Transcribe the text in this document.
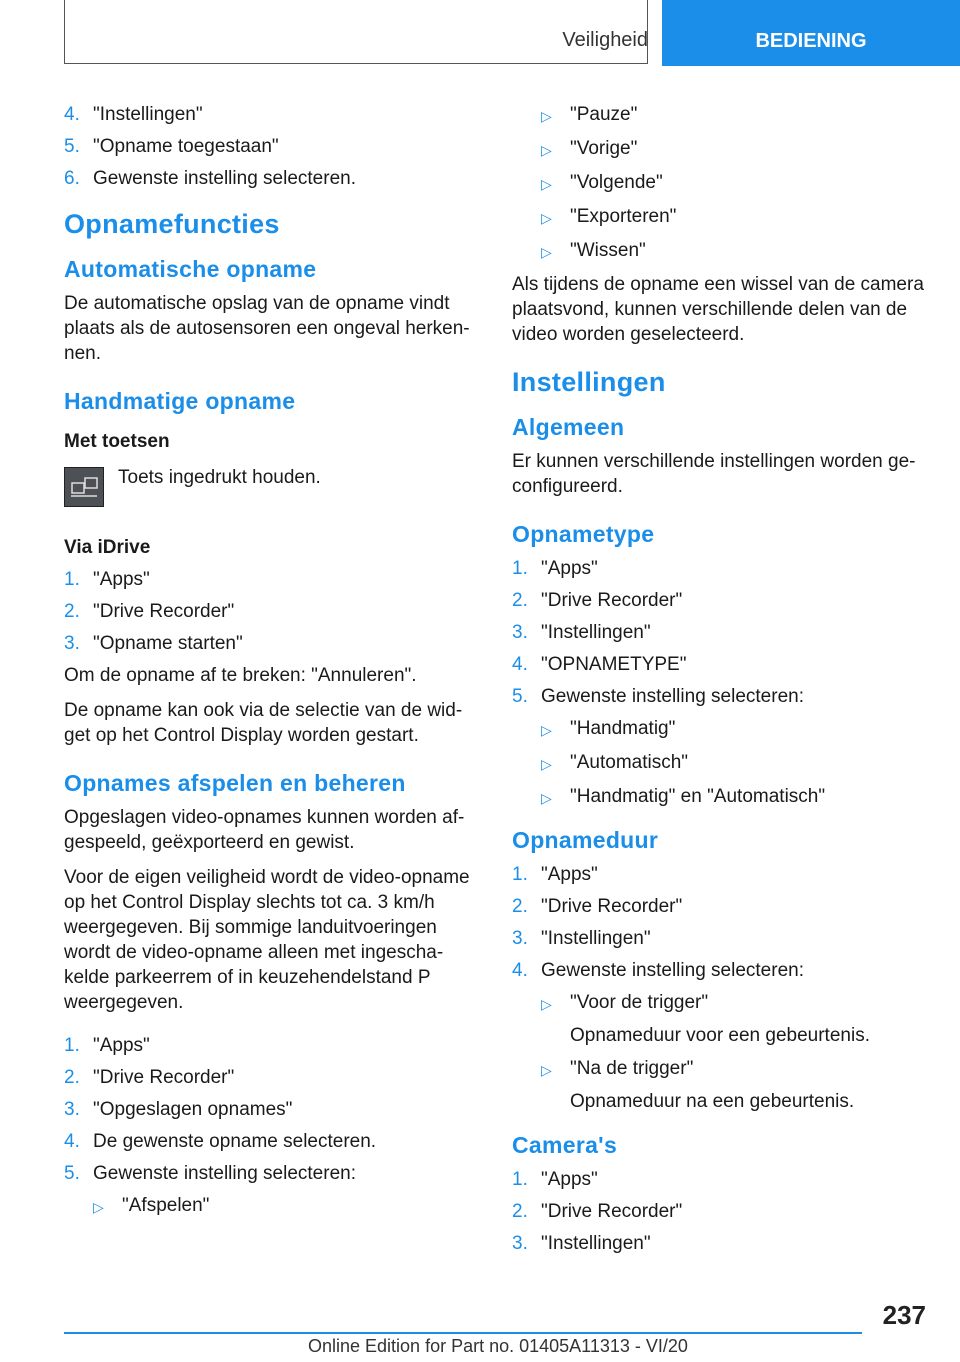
Veiligheid	BEDIENING
4. "Instellingen"
5. "Opname toegestaan"
6. Gewenste instelling selecteren.
Opnamefuncties
Automatische opname

De automatische opslag van de opname vindt plaats als de autosensoren een ongeval herken- nen.

Handmatige opname
Met toetsen
Toets ingedrukt houden.
Via iDrive
1. "Apps"
2. "Drive Recorder"
3. "Opname starten"

Om de opname af te breken: "Annuleren".

De opname kan ook via de selectie van de wid- get op het Control Display worden gestart.

Opnames afspelen en beheren

Opgeslagen video-opnames kunnen worden af- gespeeld, geëxporteerd en gewist.

Voor de eigen veiligheid wordt de video-opname op het Control Display slechts tot ca. 3 km/h weergegeven. Bij sommige landuitvoeringen wordt de video-opname alleen met ingescha- kelde parkeerrem of in keuzehendelstand P weergegeven.

1. "Apps"
2. "Drive Recorder"
3. "Opgeslagen opnames"
4. De gewenste opname selecteren.
5. Gewenste instelling selecteren:
▷ "Afspelen"
▷ "Pauze"
▷ "Vorige"
▷ "Volgende"
▷ "Exporteren"
▷ "Wissen"

Als tijdens de opname een wissel van de camera plaatsvond, kunnen verschillende delen van de video worden geselecteerd.

Instellingen
Algemeen

Er kunnen verschillende instellingen worden ge- configureerd.

Opnametype
1. "Apps"
2. "Drive Recorder"
3. "Instellingen"
4. "OPNAMETYPE"
5. Gewenste instelling selecteren:
▷ "Handmatig"
▷ "Automatisch"
▷ "Handmatig" en "Automatisch"
Opnameduur
1. "Apps"
2. "Drive Recorder"
3. "Instellingen"
4. Gewenste instelling selecteren:
▷ "Voor de trigger"
Opnameduur voor een gebeurtenis.
▷ "Na de trigger"
Opnameduur na een gebeurtenis.
Camera's
1. "Apps"
2. "Drive Recorder"
3. "Instellingen"
237
Online Edition for Part no. 01405A11313 - VI/20
